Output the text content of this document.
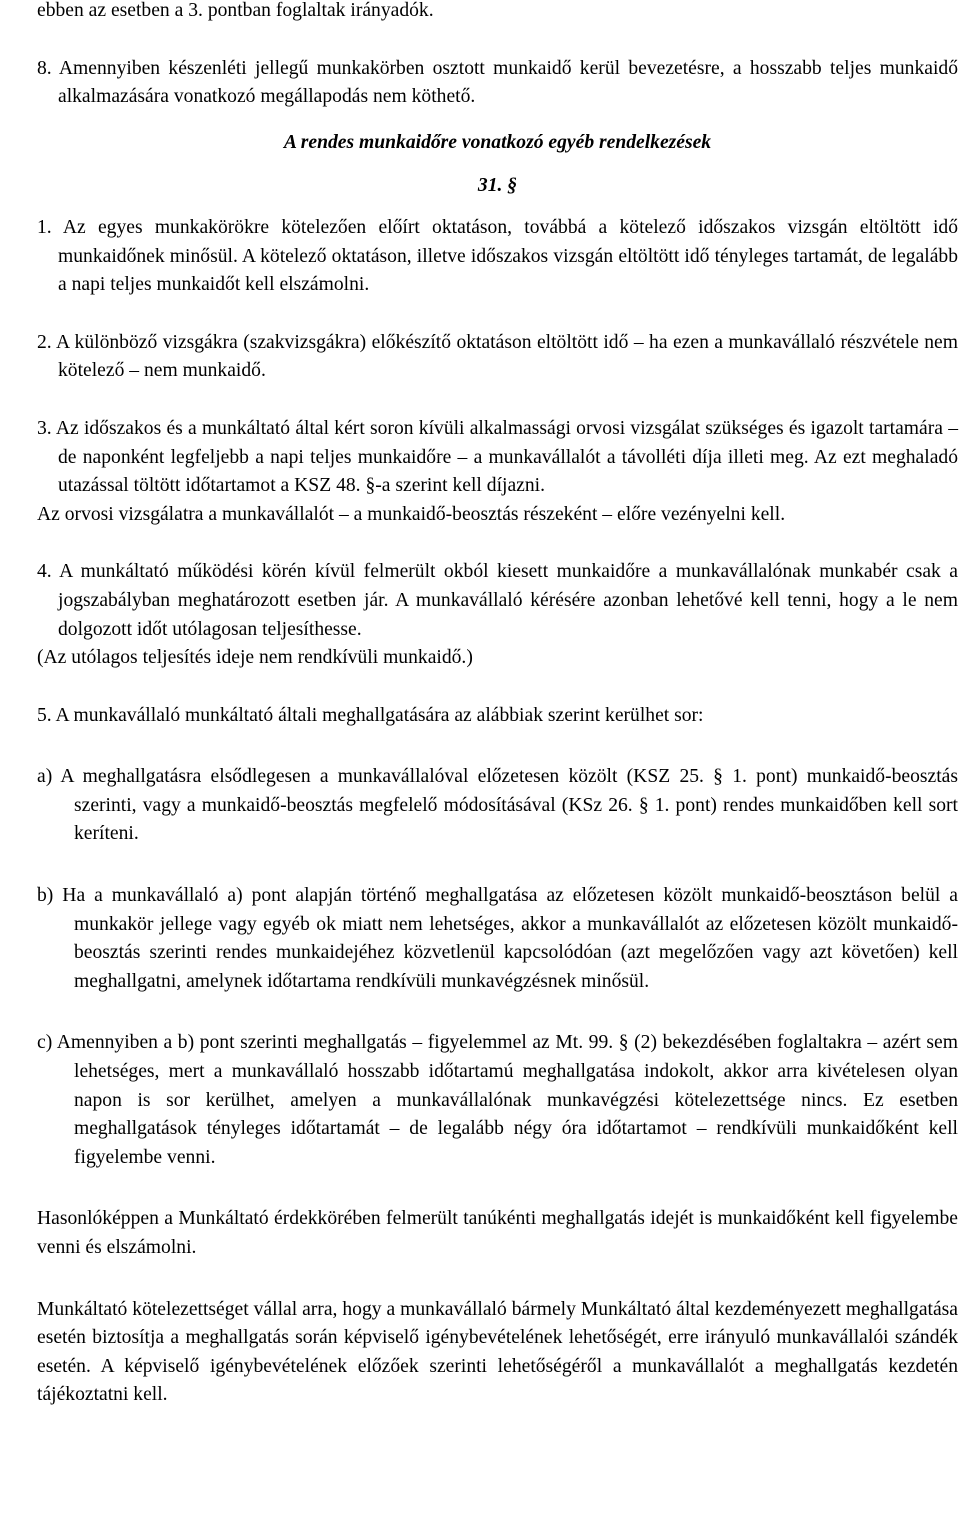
ebben az esetben a 3. pontban foglaltak irányadók.

8. Amennyiben készenléti jellegű munkakörben osztott munkaidő kerül bevezetésre, a hosszabb teljes munkaidő alkalmazására vonatkozó megállapodás nem köthető.

A rendes munkaidőre vonatkozó egyéb rendelkezések

31. §

1. Az egyes munkakörökre kötelezően előírt oktatáson, továbbá a kötelező időszakos vizsgán eltöltött idő munkaidőnek minősül. A kötelező oktatáson, illetve időszakos vizsgán eltöltött idő tényleges tartamát, de legalább a napi teljes munkaidőt kell elszámolni.

2. A különböző vizsgákra (szakvizsgákra) előkészítő oktatáson eltöltött idő – ha ezen a munkavállaló részvétele nem kötelező – nem munkaidő.

3. Az időszakos és a munkáltató által kért soron kívüli alkalmassági orvosi vizsgálat szükséges és igazolt tartamára – de naponként legfeljebb a napi teljes munkaidőre – a munkavállalót a távolléti díja illeti meg. Az ezt meghaladó utazással töltött időtartamot a KSZ 48. §-a szerint kell díjazni.

Az orvosi vizsgálatra a munkavállalót – a munkaidő-beosztás részeként – előre vezényelni kell.

4. A munkáltató működési körén kívül felmerült okból kiesett munkaidőre a munkavállalónak munkabér csak a jogszabályban meghatározott esetben jár. A munkavállaló kérésére azonban lehetővé kell tenni, hogy a le nem dolgozott időt utólagosan teljesíthesse.

(Az utólagos teljesítés ideje nem rendkívüli munkaidő.)

5. A munkavállaló munkáltató általi meghallgatására az alábbiak szerint kerülhet sor:

a) A meghallgatásra elsődlegesen a munkavállalóval előzetesen közölt (KSZ 25. § 1. pont) munkaidő-beosztás szerinti, vagy a munkaidő-beosztás megfelelő módosításával (KSz 26. § 1. pont) rendes munkaidőben kell sort keríteni.

b) Ha a munkavállaló a) pont alapján történő meghallgatása az előzetesen közölt munkaidő-beosztáson belül a munkakör jellege vagy egyéb ok miatt nem lehetséges, akkor a munkavállalót az előzetesen közölt munkaidő-beosztás szerinti rendes munkaidejéhez közvetlenül kapcsolódóan (azt megelőzően vagy azt követően) kell meghallgatni, amelynek időtartama rendkívüli munkavégzésnek minősül.

c) Amennyiben a b) pont szerinti meghallgatás – figyelemmel az Mt. 99. § (2) bekezdésében foglaltakra – azért sem lehetséges, mert a munkavállaló hosszabb időtartamú meghallgatása indokolt, akkor arra kivételesen olyan napon is sor kerülhet, amelyen a munkavállalónak munkavégzési kötelezettsége nincs. Ez esetben meghallgatások tényleges időtartamát – de legalább négy óra időtartamot – rendkívüli munkaidőként kell figyelembe venni.

Hasonlóképpen a Munkáltató érdekkörében felmerült tanúkénti meghallgatás idejét is munkaidőként kell figyelembe venni és elszámolni.

Munkáltató kötelezettséget vállal arra, hogy a munkavállaló bármely Munkáltató által kezdeményezett meghallgatása esetén biztosítja a meghallgatás során képviselő igénybevételének lehetőségét, erre irányuló munkavállalói szándék esetén. A képviselő igénybevételének előzőek szerinti lehetőségéről a munkavállalót a meghallgatás kezdetén tájékoztatni kell.
